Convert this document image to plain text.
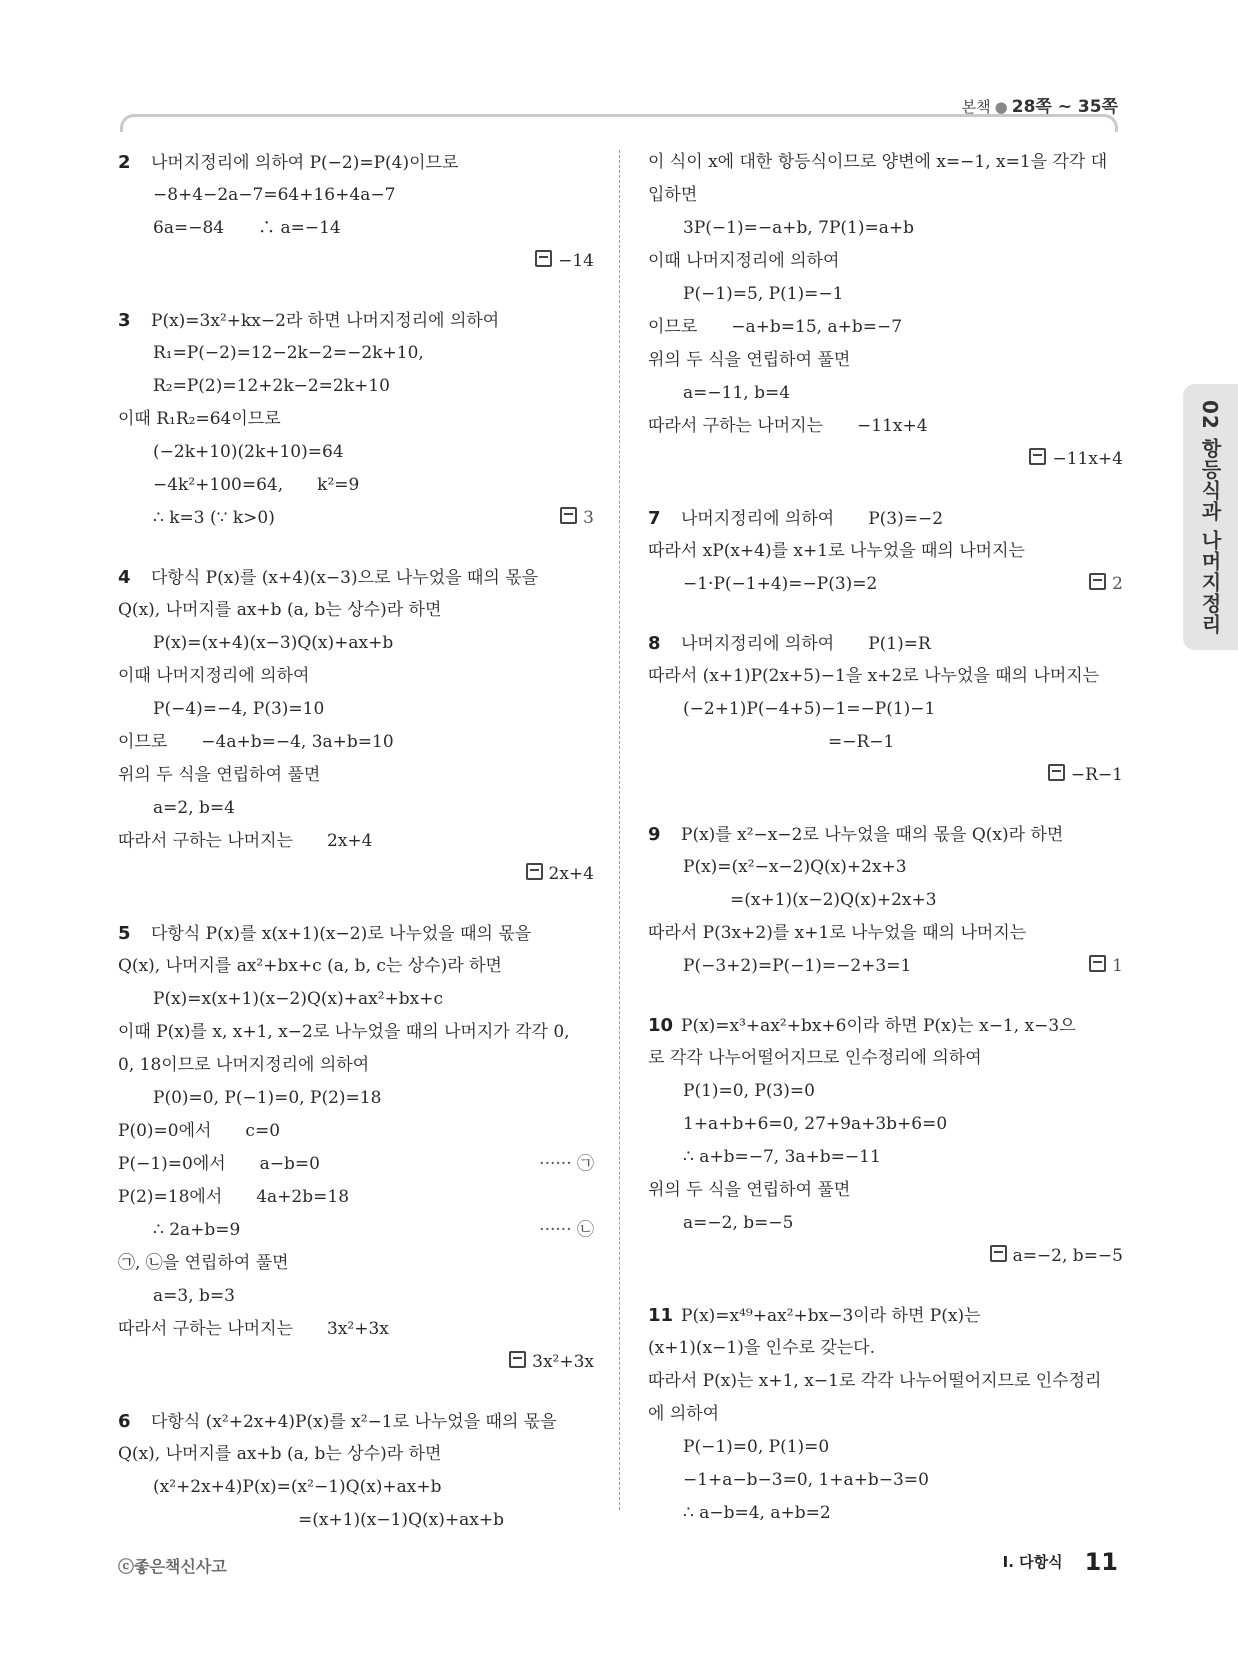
본책 ● 28쪽 ~ 35쪽
02 항등식과 나머지정리
2 나머지정리에 의하여 P(−2)=P(4)이므로
−8+4−2a−7=64+16+4a−7
6a=−84　　∴ a=−14
−14
3 P(x)=3x²+kx−2라 하면 나머지정리에 의하여
R₁=P(−2)=12−2k−2=−2k+10,
R₂=P(2)=12+2k−2=2k+10
이때 R₁R₂=64이므로
(−2k+10)(2k+10)=64
−4k²+100=64,　　k²=9
∴ k=3 (∵ k>0)	3
4 다항식 P(x)를 (x+4)(x−3)으로 나누었을 때의 몫을
Q(x), 나머지를 ax+b (a, b는 상수)라 하면
P(x)=(x+4)(x−3)Q(x)+ax+b
이때 나머지정리에 의하여
P(−4)=−4, P(3)=10
이므로　　−4a+b=−4, 3a+b=10
위의 두 식을 연립하여 풀면
a=2, b=4
따라서 구하는 나머지는　　2x+4
2x+4
5 다항식 P(x)를 x(x+1)(x−2)로 나누었을 때의 몫을
Q(x), 나머지를 ax²+bx+c (a, b, c는 상수)라 하면
P(x)=x(x+1)(x−2)Q(x)+ax²+bx+c
이때 P(x)를 x, x+1, x−2로 나누었을 때의 나머지가 각각 0,
0, 18이므로 나머지정리에 의하여
P(0)=0, P(−1)=0, P(2)=18
P(0)=0에서　　c=0
P(−1)=0에서　　a−b=0	······ ㉠
P(2)=18에서　　4a+2b=18
∴ 2a+b=9	······ ㉡
㉠, ㉡을 연립하여 풀면
a=3, b=3
따라서 구하는 나머지는　　3x²+3x
3x²+3x
6 다항식 (x²+2x+4)P(x)를 x²−1로 나누었을 때의 몫을
Q(x), 나머지를 ax+b (a, b는 상수)라 하면
(x²+2x+4)P(x)=(x²−1)Q(x)+ax+b
=(x+1)(x−1)Q(x)+ax+b
이 식이 x에 대한 항등식이므로 양변에 x=−1, x=1을 각각 대
입하면
3P(−1)=−a+b, 7P(1)=a+b
이때 나머지정리에 의하여
P(−1)=5, P(1)=−1
이므로　　−a+b=15, a+b=−7
위의 두 식을 연립하여 풀면
a=−11, b=4
따라서 구하는 나머지는　　−11x+4
−11x+4
7 나머지정리에 의하여　　P(3)=−2
따라서 xP(x+4)를 x+1로 나누었을 때의 나머지는
−1·P(−1+4)=−P(3)=2	2
8 나머지정리에 의하여　　P(1)=R
따라서 (x+1)P(2x+5)−1을 x+2로 나누었을 때의 나머지는
(−2+1)P(−4+5)−1=−P(1)−1
=−R−1
−R−1
9 P(x)를 x²−x−2로 나누었을 때의 몫을 Q(x)라 하면
P(x)=(x²−x−2)Q(x)+2x+3
=(x+1)(x−2)Q(x)+2x+3
따라서 P(3x+2)를 x+1로 나누었을 때의 나머지는
P(−3+2)=P(−1)=−2+3=1	1
10 P(x)=x³+ax²+bx+6이라 하면 P(x)는 x−1, x−3으
로 각각 나누어떨어지므로 인수정리에 의하여
P(1)=0, P(3)=0
1+a+b+6=0, 27+9a+3b+6=0
∴ a+b=−7, 3a+b=−11
위의 두 식을 연립하여 풀면
a=−2, b=−5
a=−2, b=−5
11 P(x)=x⁴⁹+ax²+bx−3이라 하면 P(x)는
(x+1)(x−1)을 인수로 갖는다.
따라서 P(x)는 x+1, x−1로 각각 나누어떨어지므로 인수정리
에 의하여
P(−1)=0, P(1)=0
−1+a−b−3=0, 1+a+b−3=0
∴ a−b=4, a+b=2
ⓒ좋은책신사고	Ⅰ. 다항식 11
